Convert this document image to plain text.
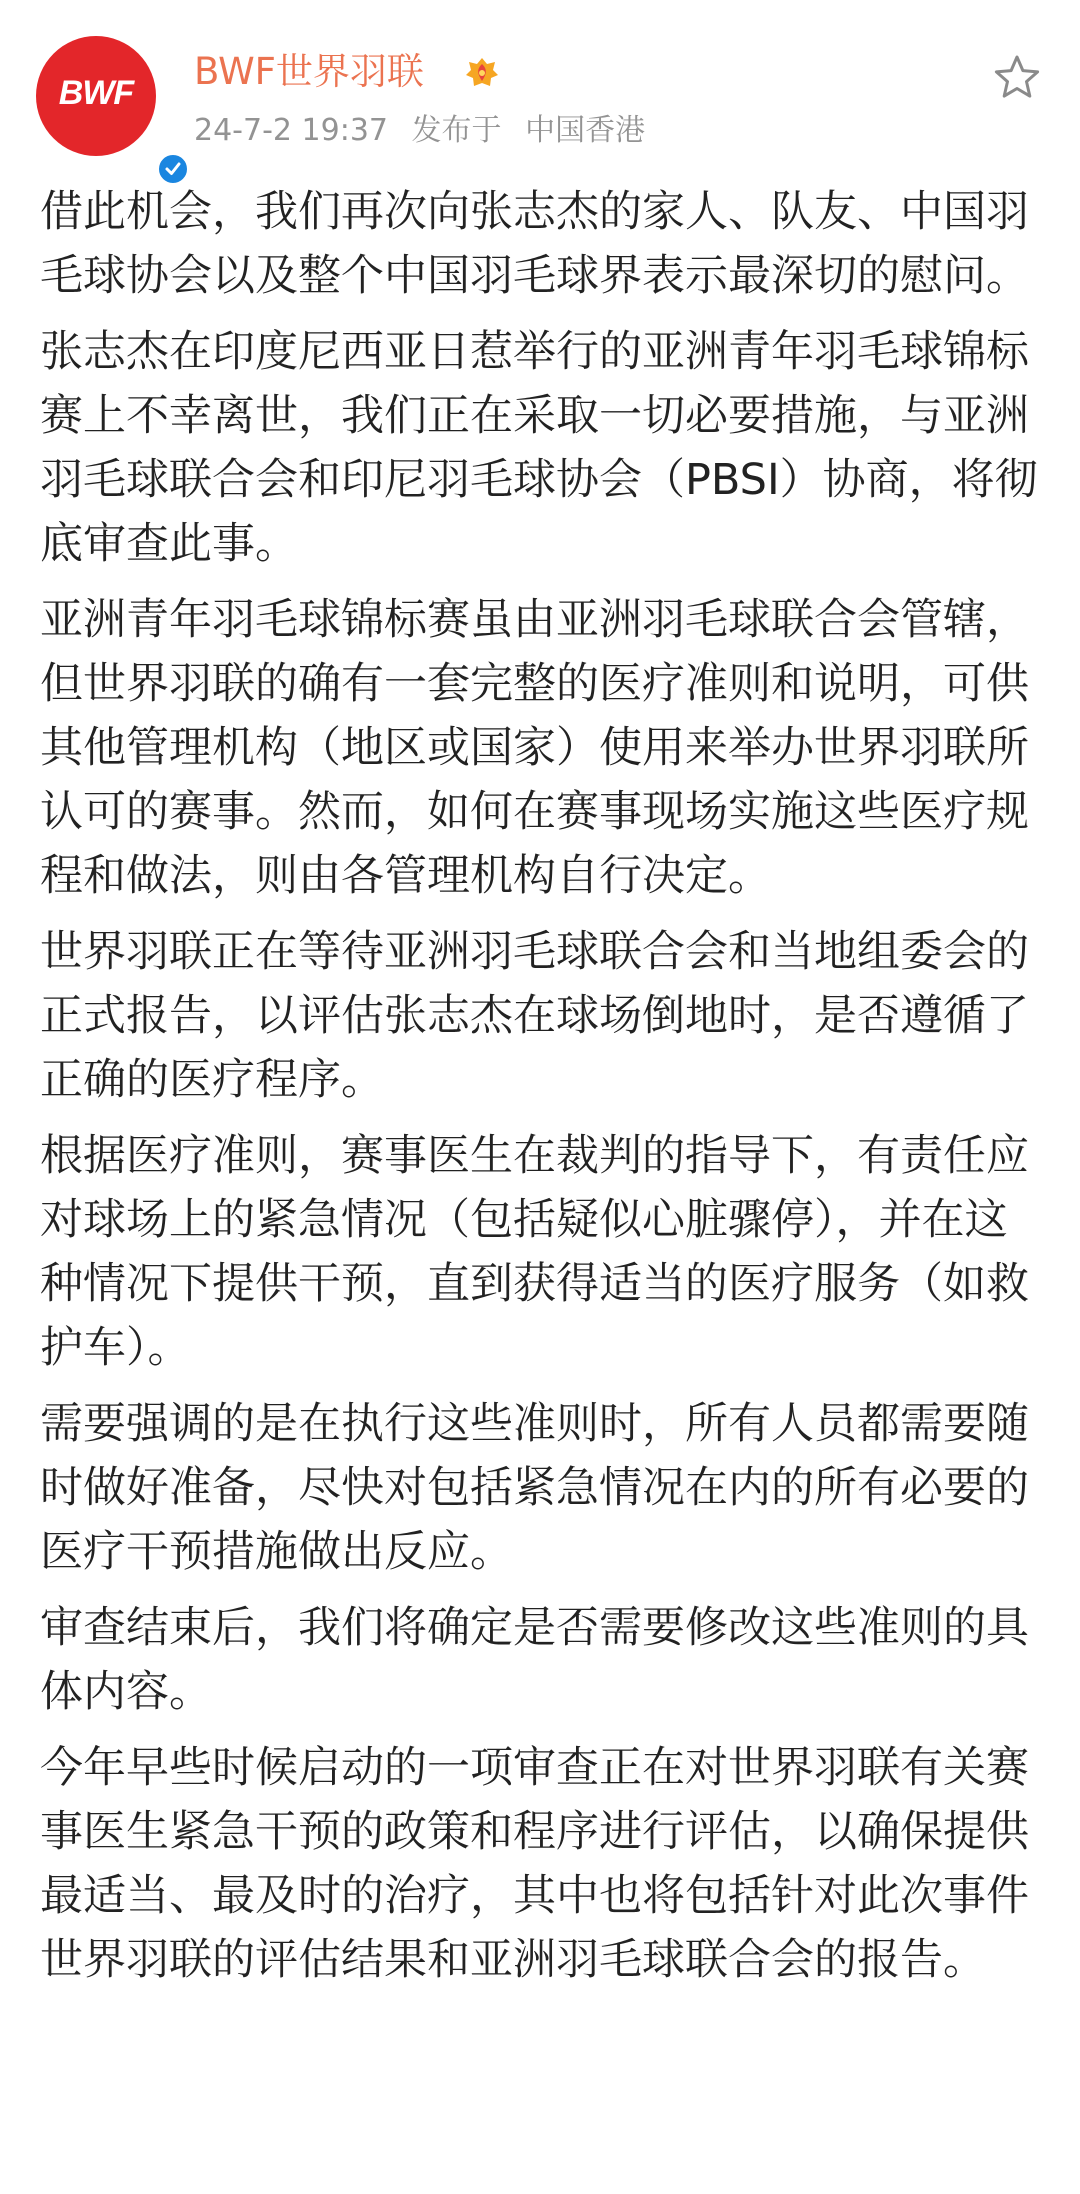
BWF	BWF世界羽联
24-7-2 19:37 发布于 中国香港

借此机会，我们再次向张志杰的家人、队友、中国羽毛球协会以及整个中国羽毛球界表示最深切的慰问。

张志杰在印度尼西亚日惹举行的亚洲青年羽毛球锦标赛上不幸离世，我们正在采取一切必要措施，与亚洲羽毛球联合会和印尼羽毛球协会（PBSI）协商，将彻底审查此事。

亚洲青年羽毛球锦标赛虽由亚洲羽毛球联合会管辖，但世界羽联的确有一套完整的医疗准则和说明，可供其他管理机构（地区或国家）使用来举办世界羽联所认可的赛事。然而，如何在赛事现场实施这些医疗规程和做法，则由各管理机构自行决定。

世界羽联正在等待亚洲羽毛球联合会和当地组委会的正式报告，以评估张志杰在球场倒地时，是否遵循了正确的医疗程序。

根据医疗准则，赛事医生在裁判的指导下，有责任应对球场上的紧急情况（包括疑似心脏骤停），并在这种情况下提供干预，直到获得适当的医疗服务（如救护车）。

需要强调的是在执行这些准则时，所有人员都需要随时做好准备，尽快对包括紧急情况在内的所有必要的医疗干预措施做出反应。

审查结束后，我们将确定是否需要修改这些准则的具体内容。

今年早些时候启动的一项审查正在对世界羽联有关赛事医生紧急干预的政策和程序进行评估，以确保提供最适当、最及时的治疗，其中也将包括针对此次事件世界羽联的评估结果和亚洲羽毛球联合会的报告。
